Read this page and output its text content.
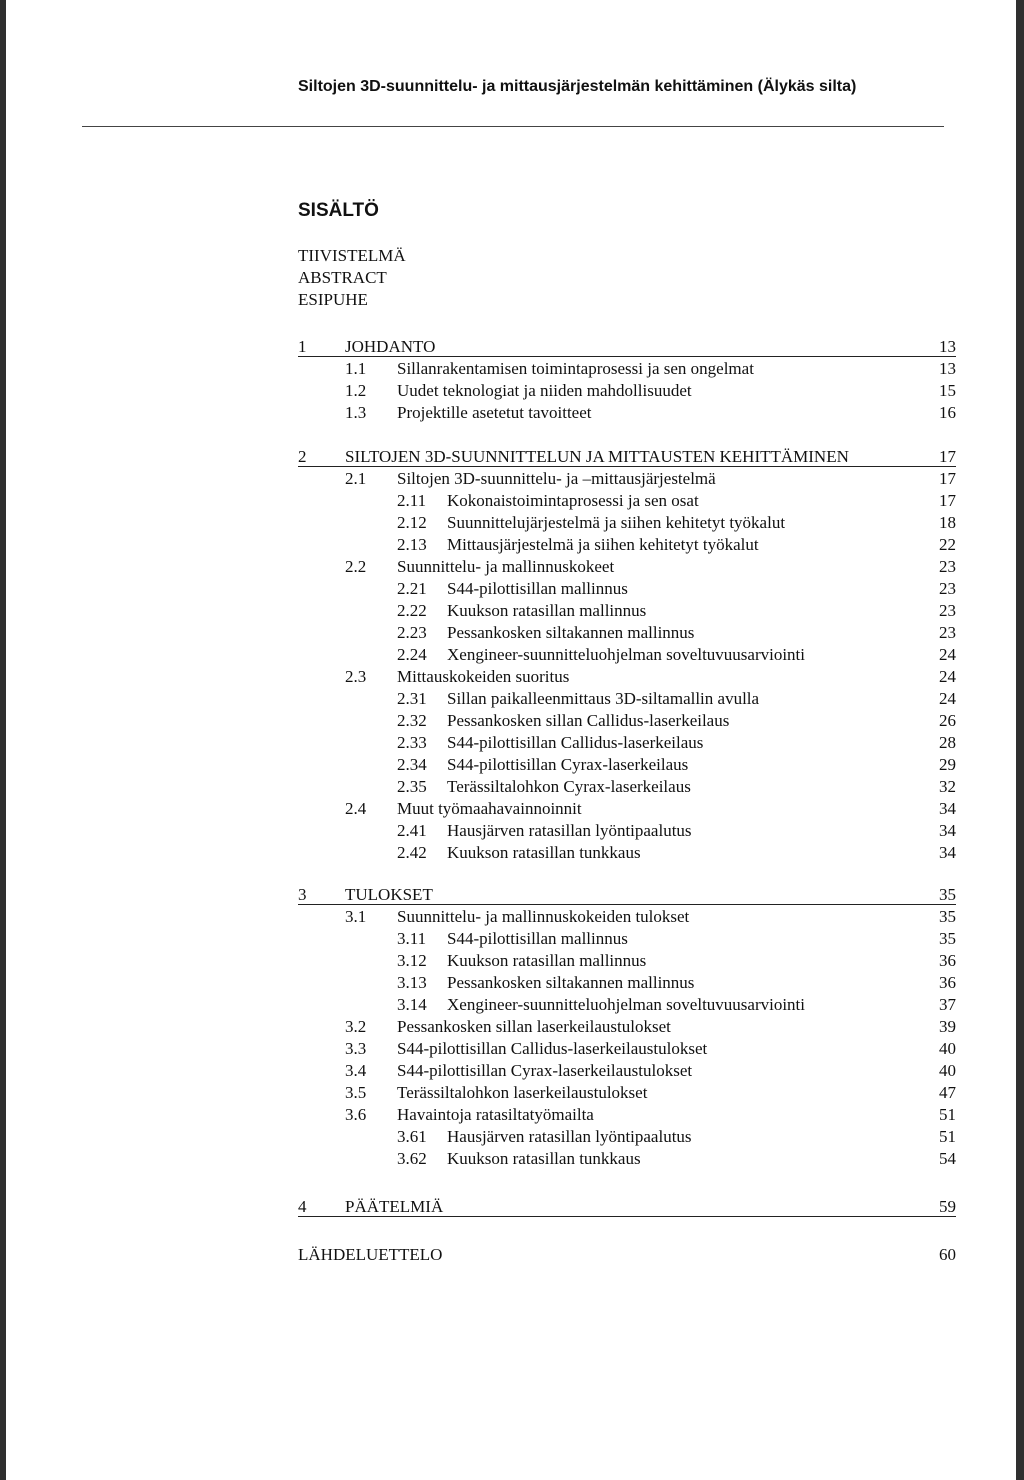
Siltojen 3D-suunnittelu- ja mittausjärjestelmän kehittäminen (Älykäs silta)
SISÄLTÖ
TIIVISTELMÄ
ABSTRACT
ESIPUHE
1 JOHDANTO	13
1.1 Sillanrakentamisen toimintaprosessi ja sen ongelmat	13
1.2 Uudet teknologiat ja niiden mahdollisuudet	15
1.3 Projektille asetetut tavoitteet	16
2 SILTOJEN 3D-SUUNNITTELUN JA MITTAUSTEN KEHITTÄMINEN	17
2.1 Siltojen 3D-suunnittelu- ja –mittausjärjestelmä	17
2.11 Kokonaistoimintaprosessi ja sen osat	17
2.12 Suunnittelujärjestelmä ja siihen kehitetyt työkalut	18
2.13 Mittausjärjestelmä ja siihen kehitetyt työkalut	22
2.2 Suunnittelu- ja mallinnuskokeet	23
2.21 S44-pilottisillan mallinnus	23
2.22 Kuukson ratasillan mallinnus	23
2.23 Pessankosken siltakannen mallinnus	23
2.24 Xengineer-suunnitteluohjelman soveltuvuusarviointi	24
2.3 Mittauskokeiden suoritus	24
2.31 Sillan paikalleenmittaus 3D-siltamallin avulla	24
2.32 Pessankosken sillan Callidus-laserkeilaus	26
2.33 S44-pilottisillan Callidus-laserkeilaus	28
2.34 S44-pilottisillan Cyrax-laserkeilaus	29
2.35 Terässiltalohkon Cyrax-laserkeilaus	32
2.4 Muut työmaahavainnoinnit	34
2.41 Hausjärven ratasillan lyöntipaalutus	34
2.42 Kuukson ratasillan tunkkaus	34
3 TULOKSET	35
3.1 Suunnittelu- ja mallinnuskokeiden tulokset	35
3.11 S44-pilottisillan mallinnus	35
3.12 Kuukson ratasillan mallinnus	36
3.13 Pessankosken siltakannen mallinnus	36
3.14 Xengineer-suunnitteluohjelman soveltuvuusarviointi	37
3.2 Pessankosken sillan laserkeilaustulokset	39
3.3 S44-pilottisillan Callidus-laserkeilaustulokset	40
3.4 S44-pilottisillan Cyrax-laserkeilaustulokset	40
3.5 Terässiltalohkon laserkeilaustulokset	47
3.6 Havaintoja ratasiltatyömailta	51
3.61 Hausjärven ratasillan lyöntipaalutus	51
3.62 Kuukson ratasillan tunkkaus	54
4 PÄÄTELMIÄ	59
LÄHDELUETTELO	60
